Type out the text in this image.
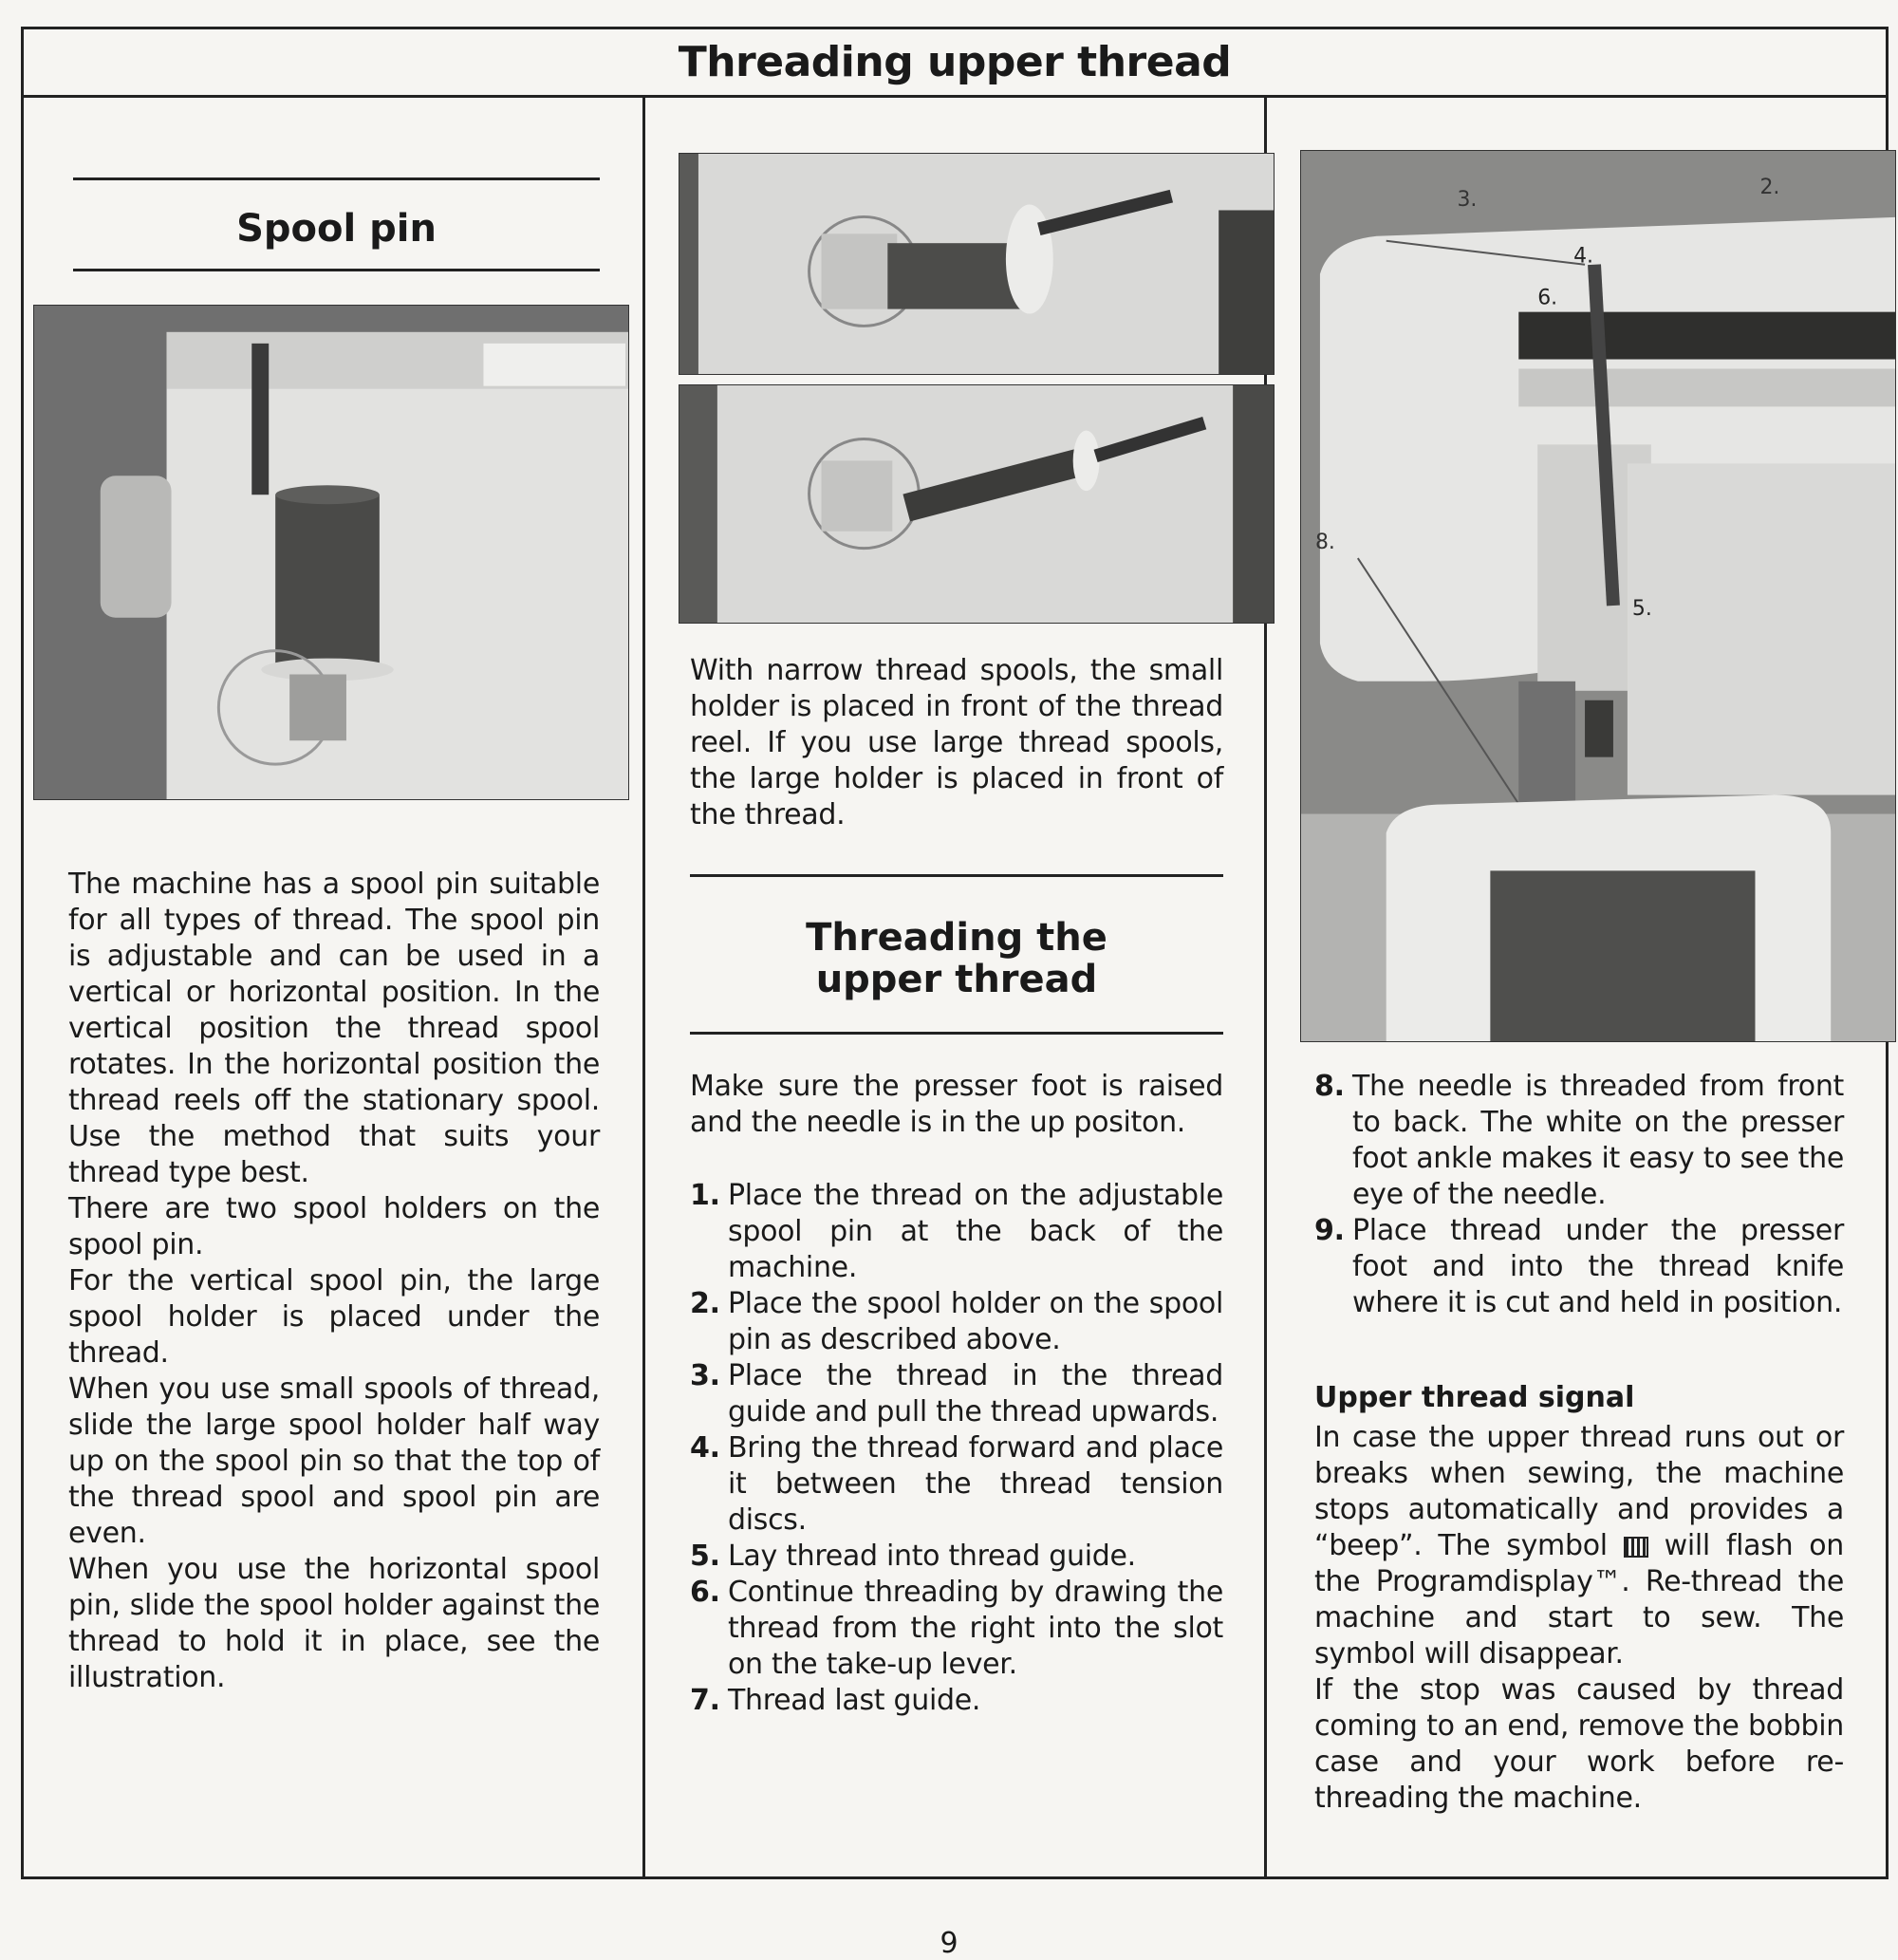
Threading upper thread
Spool pin

The machine has a spool pin suitable for all types of thread. The spool pin is adjustable and can be used in a vertical or horizontal position. In the vertical position the thread spool rotates. In the horizontal position the thread reels off the stationary spool. Use the method that suits your thread type best.

There are two spool holders on the spool pin.

For the vertical spool pin, the large spool holder is placed under the thread.

When you use small spools of thread, slide the large spool holder half way up on the spool pin so that the top of the thread spool and spool pin are even.

When you use the horizontal spool pin, slide the spool holder against the thread to hold it in place, see the illustration.

With narrow thread spools, the small holder is placed in front of the thread reel. If you use large thread spools, the large holder is placed in front of the thread.
Threading the
upper thread
Make sure the presser foot is raised and the needle is in the up positon.
1. Place the thread on the adjustable spool pin at the back of the machine.
2. Place the spool holder on the spool pin as described above.
3. Place the thread in the thread guide and pull the thread upwards.
4. Bring the thread forward and place it between the thread tension discs.
5. Lay thread into thread guide.
6. Continue threading by drawing the thread from the right into the slot on the take-up lever.
7. Thread last guide.
3.
4.
6.
5.
2.
8.
8. The needle is threaded from front to back. The white on the presser foot ankle makes it easy to see the eye of the needle.
9. Place thread under the presser foot and into the thread knife where it is cut and held in position.
Upper thread signal

In case the upper thread runs out or breaks when sewing, the machine stops automatically and provides a “beep”. The symbol will flash on the Programdisplay™. Re-thread the machine and start to sew. The symbol will disappear.

If the stop was caused by thread coming to an end, remove the bobbin case and your work before re-threading the machine.

9
